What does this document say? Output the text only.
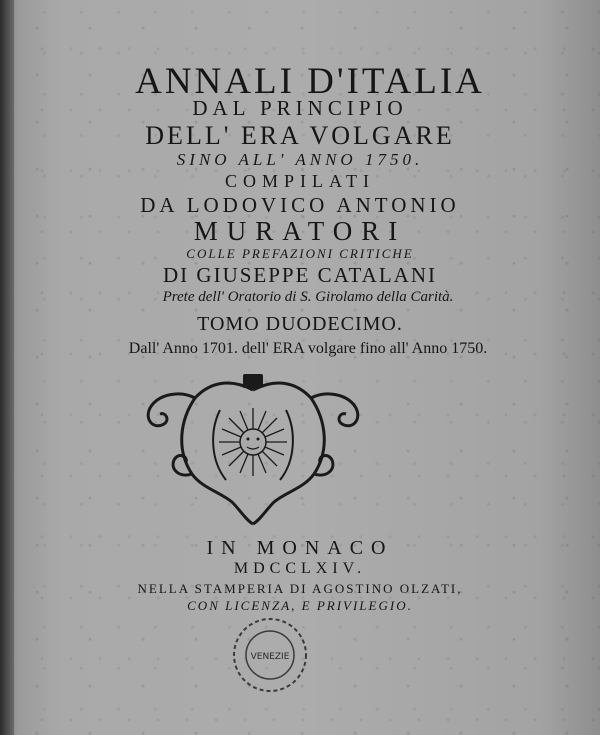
ANNALI D'ITALIA
DAL PRINCIPIO
DELL' ERA VOLGARE
SINO ALL' ANNO 1750.
COMPILATI
DA LODOVICO ANTONIO
MURATORI
COLLE PREFAZIONI CRITICHE
DI GIUSEPPE CATALANI
Prete dell' Oratorio di S. Girolamo della Carità.
TOMO DUODECIMO.
Dall' Anno 1701. dell' ERA volgare fino all' Anno 1750.
IN MONACO
MDCCLXIV.
NELLA STAMPERIA DI AGOSTINO OLZATI,
CON LICENZA, E PRIVILEGIO.
VENEZIE
